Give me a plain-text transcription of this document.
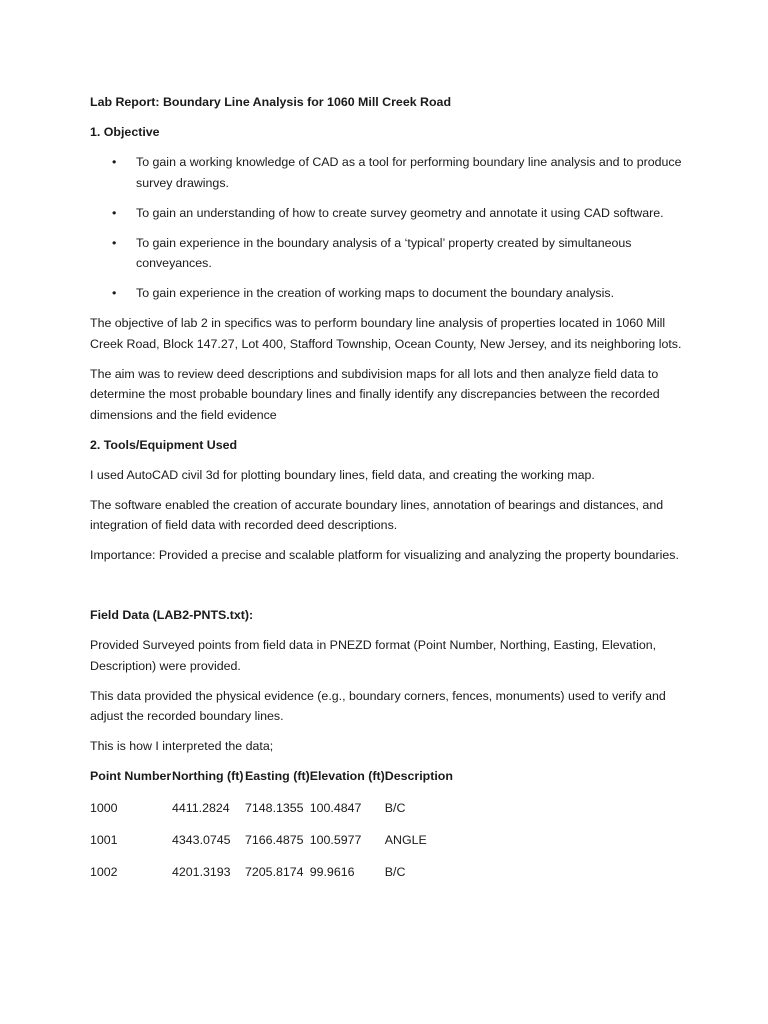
Lab Report: Boundary Line Analysis for 1060 Mill Creek Road

1. Objective

• To gain a working knowledge of CAD as a tool for performing boundary line analysis and to produce survey drawings.
• To gain an understanding of how to create survey geometry and annotate it using CAD software.
• To gain experience in the boundary analysis of a ‘typical’ property created by simultaneous conveyances.
• To gain experience in the creation of working maps to document the boundary analysis.

The objective of lab 2 in specifics was to perform boundary line analysis of properties located in 1060 Mill Creek Road, Block 147.27, Lot 400, Stafford Township, Ocean County, New Jersey, and its neighboring lots.

The aim was to review deed descriptions and subdivision maps for all lots and then analyze field data to determine the most probable boundary lines and finally identify any discrepancies between the recorded dimensions and the field evidence

2. Tools/Equipment Used

I used AutoCAD civil 3d for plotting boundary lines, field data, and creating the working map.

The software enabled the creation of accurate boundary lines, annotation of bearings and distances, and integration of field data with recorded deed descriptions.

Importance: Provided a precise and scalable platform for visualizing and analyzing the property boundaries.

Field Data (LAB2-PNTS.txt):

Provided Surveyed points from field data in PNEZD format (Point Number, Northing, Easting, Elevation, Description) were provided.

This data provided the physical evidence (e.g., boundary corners, fences, monuments) used to verify and adjust the recorded boundary lines.

This is how I interpreted the data;

Point Number	Northing (ft)	Easting (ft)	Elevation (ft)	Description
1000	4411.2824	7148.1355	100.4847	B/C
1001	4343.0745	7166.4875	100.5977	ANGLE
1002	4201.3193	7205.8174	99.9616	B/C
